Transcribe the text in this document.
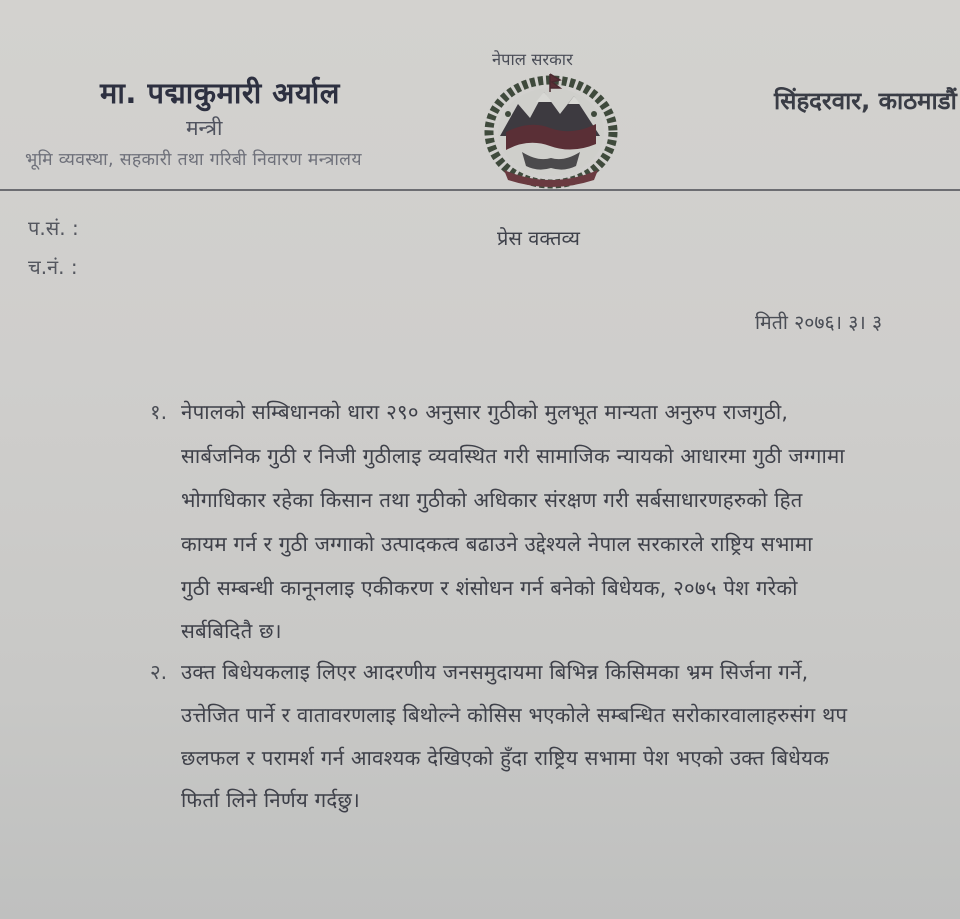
मा. पद्माकुमारी अर्याल
मन्त्री
भूमि व्यवस्था, सहकारी तथा गरिबी निवारण मन्त्रालय
नेपाल सरकार
सिंहदरवार, काठमाडौं
प.सं. :
च.नं. :
प्रेस वक्तव्य
मिती २०७६। ३। ३
१. नेपालको सम्बिधानको धारा २९० अनुसार गुठीको मुलभूत मान्यता अनुरुप राजगुठी,
सार्बजनिक गुठी र निजी गुठीलाइ व्यवस्थित गरी सामाजिक न्यायको आधारमा गुठी जग्गामा
भोगाधिकार रहेका किसान तथा गुठीको अधिकार संरक्षण गरी सर्बसाधारणहरुको हित
कायम गर्न र गुठी जग्गाको उत्पादकत्व बढाउने उद्देश्यले नेपाल सरकारले राष्ट्रिय सभामा
गुठी सम्बन्धी कानूनलाइ एकीकरण र शंसोधन गर्न बनेको बिधेयक, २०७५ पेश गरेको
सर्बबिदितै छ।
२. उक्त बिधेयकलाइ लिएर आदरणीय जनसमुदायमा बिभिन्न किसिमका भ्रम सिर्जना गर्ने,
उत्तेजित पार्ने र वातावरणलाइ बिथोल्ने कोसिस भएकोले सम्बन्धित सरोकारवालाहरुसंग थप
छलफल र परामर्श गर्न आवश्यक देखिएको हुँदा राष्ट्रिय सभामा पेश भएको उक्त बिधेयक
फिर्ता लिने निर्णय गर्दछु।
